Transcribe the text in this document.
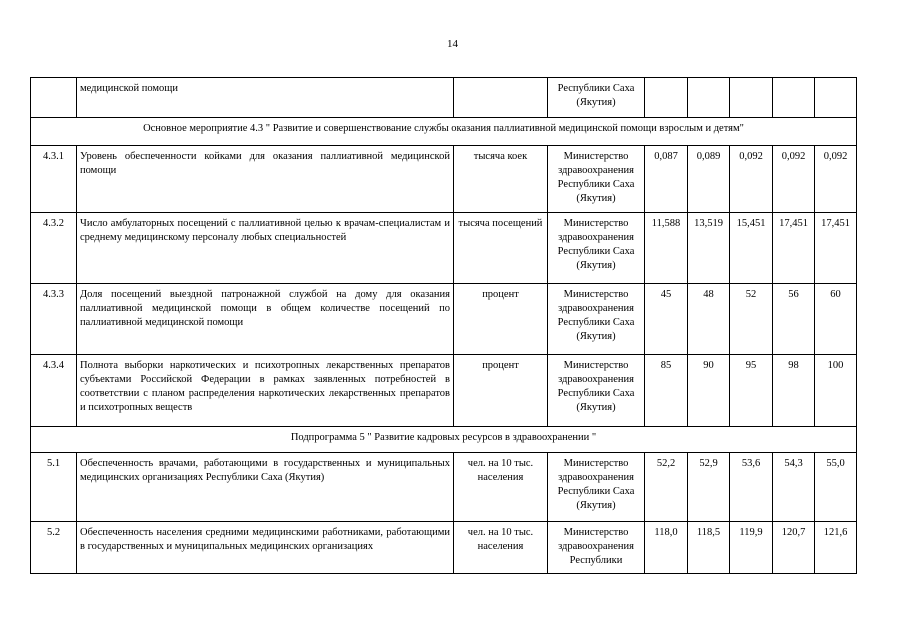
14
	медицинской помощи		Республики Саха (Якутия)					
Основное мероприятие 4.3 " Развитие и совершенствование службы оказания паллиативной медицинской помощи взрослым и детям"								
4.3.1	Уровень обеспеченности койками для оказания паллиативной медицинской помощи	тысяча коек	Министерство здравоохранения Республики Саха (Якутия)	0,087	0,089	0,092	0,092	0,092
4.3.2	Число амбулаторных посещений с паллиативной целью к врачам-специалистам и среднему медицинскому персоналу любых специальностей	тысяча посещений	Министерство здравоохранения Республики Саха (Якутия)	11,588	13,519	15,451	17,451	17,451
4.3.3	Доля посещений выездной патронажной службой на дому для оказания паллиативной медицинской помощи в общем количестве посещений по паллиативной медицинской помощи	процент	Министерство здравоохранения Республики Саха (Якутия)	45	48	52	56	60
4.3.4	Полнота выборки наркотических и психотропных лекарственных препаратов субъектами Российской Федерации в рамках заявленных потребностей в соответствии с планом распределения наркотических лекарственных препаратов и психотропных веществ	процент	Министерство здравоохранения Республики Саха (Якутия)	85	90	95	98	100
Подпрограмма 5 " Развитие кадровых ресурсов в здравоохранении "								
5.1	Обеспеченность врачами, работающими в государственных и муниципальных медицинских организациях Республики Саха (Якутия)	чел. на 10 тыс. населения	Министерство здравоохранения Республики Саха (Якутия)	52,2	52,9	53,6	54,3	55,0
5.2	Обеспеченность населения средними медицинскими работниками, работающими в государственных и муниципальных медицинских организациях	чел. на 10 тыс. населения	Министерство здравоохранения Республики	118,0	118,5	119,9	120,7	121,6
